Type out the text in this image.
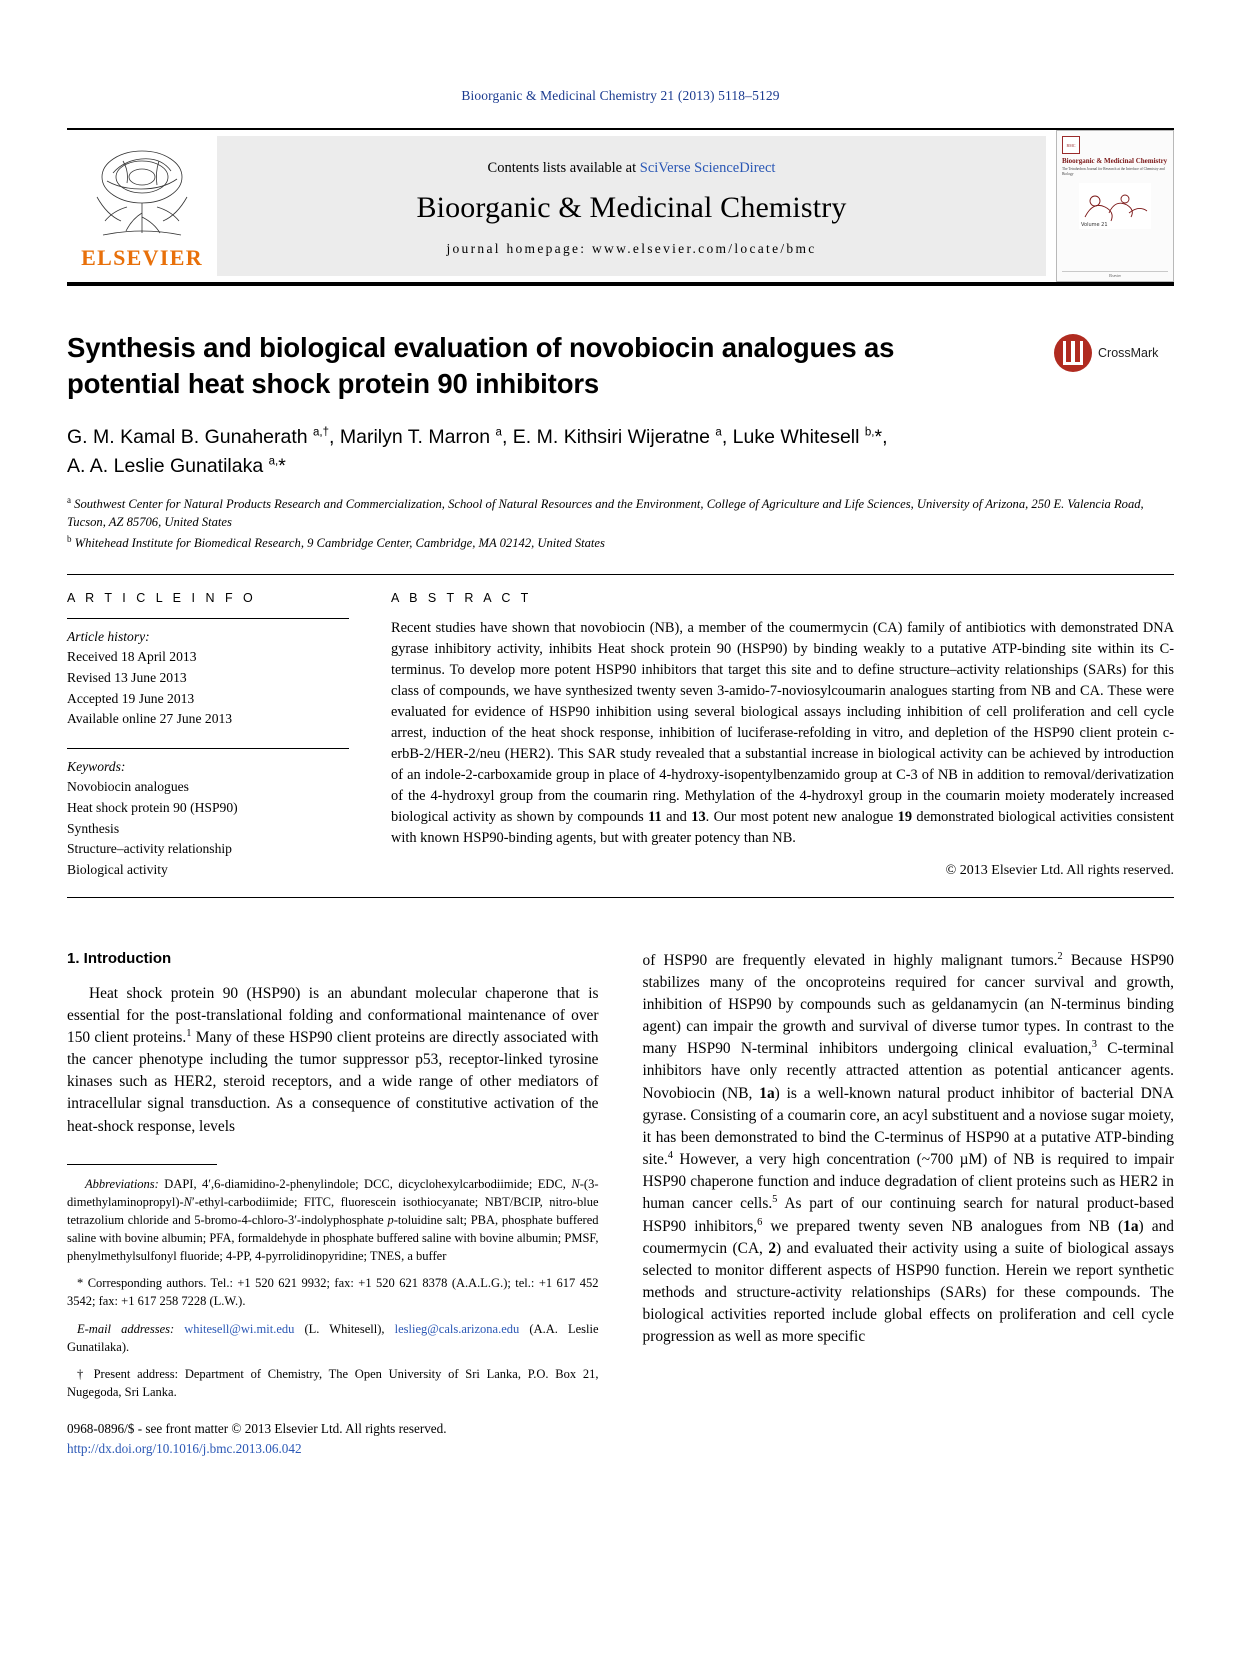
Bioorganic & Medicinal Chemistry 21 (2013) 5118–5129
ELSEVIER
Contents lists available at SciVerse ScienceDirect
Bioorganic & Medicinal Chemistry
journal homepage: www.elsevier.com/locate/bmc
BMC
Bioorganic & Medicinal Chemistry
The Tetrahedron Journal for Research at the Interface of Chemistry and Biology
Volume 21
Elsevier
Synthesis and biological evaluation of novobiocin analogues as potential heat shock protein 90 inhibitors
CrossMark
G. M. Kamal B. Gunaherath $^{a,\dagger}$, Marilyn T. Marron $^a$, E. M. Kithsiri Wijeratne $^a$, Luke Whitesell $^{b,}$*,
A. A. Leslie Gunatilaka $^{a,}$*
$^a$ Southwest Center for Natural Products Research and Commercialization, School of Natural Resources and the Environment, College of Agriculture and Life Sciences, University of Arizona, 250 E. Valencia Road, Tucson, AZ 85706, United States
$^b$ Whitehead Institute for Biomedical Research, 9 Cambridge Center, Cambridge, MA 02142, United States
A R T I C L E I N F O
Article history:
Received 18 April 2013
Revised 13 June 2013
Accepted 19 June 2013
Available online 27 June 2013
Keywords:
Novobiocin analogues
Heat shock protein 90 (HSP90)
Synthesis
Structure–activity relationship
Biological activity
A B S T R A C T
Recent studies have shown that novobiocin (NB), a member of the coumermycin (CA) family of antibiotics with demonstrated DNA gyrase inhibitory activity, inhibits Heat shock protein 90 (HSP90) by binding weakly to a putative ATP-binding site within its C-terminus. To develop more potent HSP90 inhibitors that target this site and to define structure–activity relationships (SARs) for this class of compounds, we have synthesized twenty seven 3-amido-7-noviosylcoumarin analogues starting from NB and CA. These were evaluated for evidence of HSP90 inhibition using several biological assays including inhibition of cell proliferation and cell cycle arrest, induction of the heat shock response, inhibition of luciferase-refolding in vitro, and depletion of the HSP90 client protein c-erbB-2/HER-2/neu (HER2). This SAR study revealed that a substantial increase in biological activity can be achieved by introduction of an indole-2-carboxamide group in place of 4-hydroxy-isopentylbenzamido group at C-3 of NB in addition to removal/derivatization of the 4-hydroxyl group from the coumarin ring. Methylation of the 4-hydroxyl group in the coumarin moiety moderately increased biological activity as shown by compounds 11 and 13. Our most potent new analogue 19 demonstrated biological activities consistent with known HSP90-binding agents, but with greater potency than NB.
© 2013 Elsevier Ltd. All rights reserved.
1. Introduction

Heat shock protein 90 (HSP90) is an abundant molecular chaperone that is essential for the post-translational folding and conformational maintenance of over 150 client proteins.$^1$ Many of these HSP90 client proteins are directly associated with the cancer phenotype including the tumor suppressor p53, receptor-linked tyrosine kinases such as HER2, steroid receptors, and a wide range of other mediators of intracellular signal transduction. As a consequence of constitutive activation of the heat-shock response, levels

Abbreviations: DAPI, 4′,6-diamidino-2-phenylindole; DCC, dicyclohexylcarbodiimide; EDC, N-(3-dimethylaminopropyl)-N′-ethyl-carbodiimide; FITC, fluorescein isothiocyanate; NBT/BCIP, nitro-blue tetrazolium chloride and 5-bromo-4-chloro-3′-indolyphosphate p-toluidine salt; PBA, phosphate buffered saline with bovine albumin; PFA, formaldehyde in phosphate buffered saline with bovine albumin; PMSF, phenylmethylsulfonyl fluoride; 4-PP, 4-pyrrolidinopyridine; TNES, a buffer

* Corresponding authors. Tel.: +1 520 621 9932; fax: +1 520 621 8378 (A.A.L.G.); tel.: +1 617 452 3542; fax: +1 617 258 7228 (L.W.).

E-mail addresses: whitesell@wi.mit.edu (L. Whitesell), leslieg@cals.arizona.edu (A.A. Leslie Gunatilaka).

† Present address: Department of Chemistry, The Open University of Sri Lanka, P.O. Box 21, Nugegoda, Sri Lanka.

0968-0896/$ - see front matter © 2013 Elsevier Ltd. All rights reserved.
http://dx.doi.org/10.1016/j.bmc.2013.06.042

of HSP90 are frequently elevated in highly malignant tumors.$^2$ Because HSP90 stabilizes many of the oncoproteins required for cancer survival and growth, inhibition of HSP90 by compounds such as geldanamycin (an N-terminus binding agent) can impair the growth and survival of diverse tumor types. In contrast to the many HSP90 N-terminal inhibitors undergoing clinical evaluation,$^3$ C-terminal inhibitors have only recently attracted attention as potential anticancer agents. Novobiocin (NB, 1a) is a well-known natural product inhibitor of bacterial DNA gyrase. Consisting of a coumarin core, an acyl substituent and a noviose sugar moiety, it has been demonstrated to bind the C-terminus of HSP90 at a putative ATP-binding site.$^4$ However, a very high concentration (~700 µM) of NB is required to impair HSP90 chaperone function and induce degradation of client proteins such as HER2 in human cancer cells.$^5$ As part of our continuing search for natural product-based HSP90 inhibitors,$^6$ we prepared twenty seven NB analogues from NB (1a) and coumermycin (CA, 2) and evaluated their activity using a suite of biological assays selected to monitor different aspects of HSP90 function. Herein we report synthetic methods and structure-activity relationships (SARs) for these compounds. The biological activities reported include global effects on proliferation and cell cycle progression as well as more specific
